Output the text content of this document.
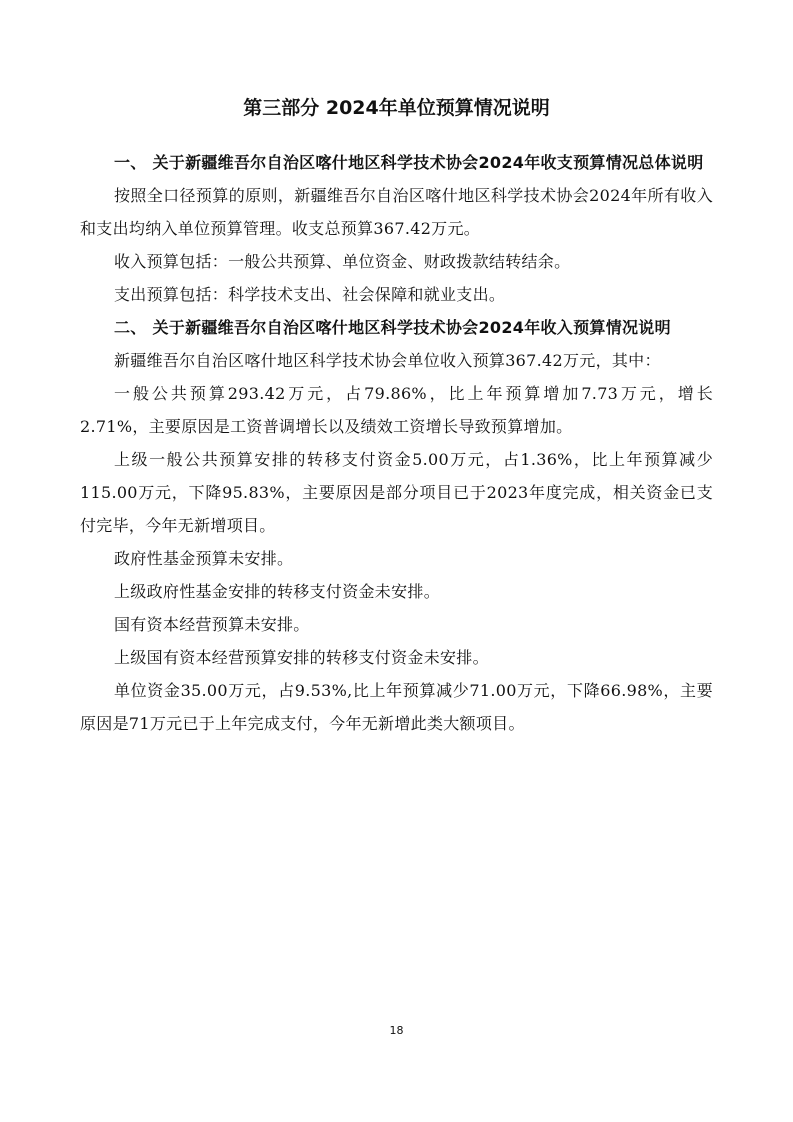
第三部分 2024年单位预算情况说明

一、 关于新疆维吾尔自治区喀什地区科学技术协会2024年收支预算情况总体说明

按照全口径预算的原则，新疆维吾尔自治区喀什地区科学技术协会2024年所有收入和支出均纳入单位预算管理。收支总预算367.42万元。

收入预算包括：一般公共预算、单位资金、财政拨款结转结余。

支出预算包括：科学技术支出、社会保障和就业支出。

二、 关于新疆维吾尔自治区喀什地区科学技术协会2024年收入预算情况说明

新疆维吾尔自治区喀什地区科学技术协会单位收入预算367.42万元，其中：

一般公共预算293.42万元，占79.86%，比上年预算增加7.73万元，增长2.71%，主要原因是工资普调增长以及绩效工资增长导致预算增加。

上级一般公共预算安排的转移支付资金5.00万元，占1.36%，比上年预算减少115.00万元，下降95.83%，主要原因是部分项目已于2023年度完成，相关资金已支付完毕，今年无新增项目。

政府性基金预算未安排。

上级政府性基金安排的转移支付资金未安排。

国有资本经营预算未安排。

上级国有资本经营预算安排的转移支付资金未安排。

单位资金35.00万元，占9.53%,比上年预算减少71.00万元，下降66.98%，主要原因是71万元已于上年完成支付，今年无新增此类大额项目。

18
